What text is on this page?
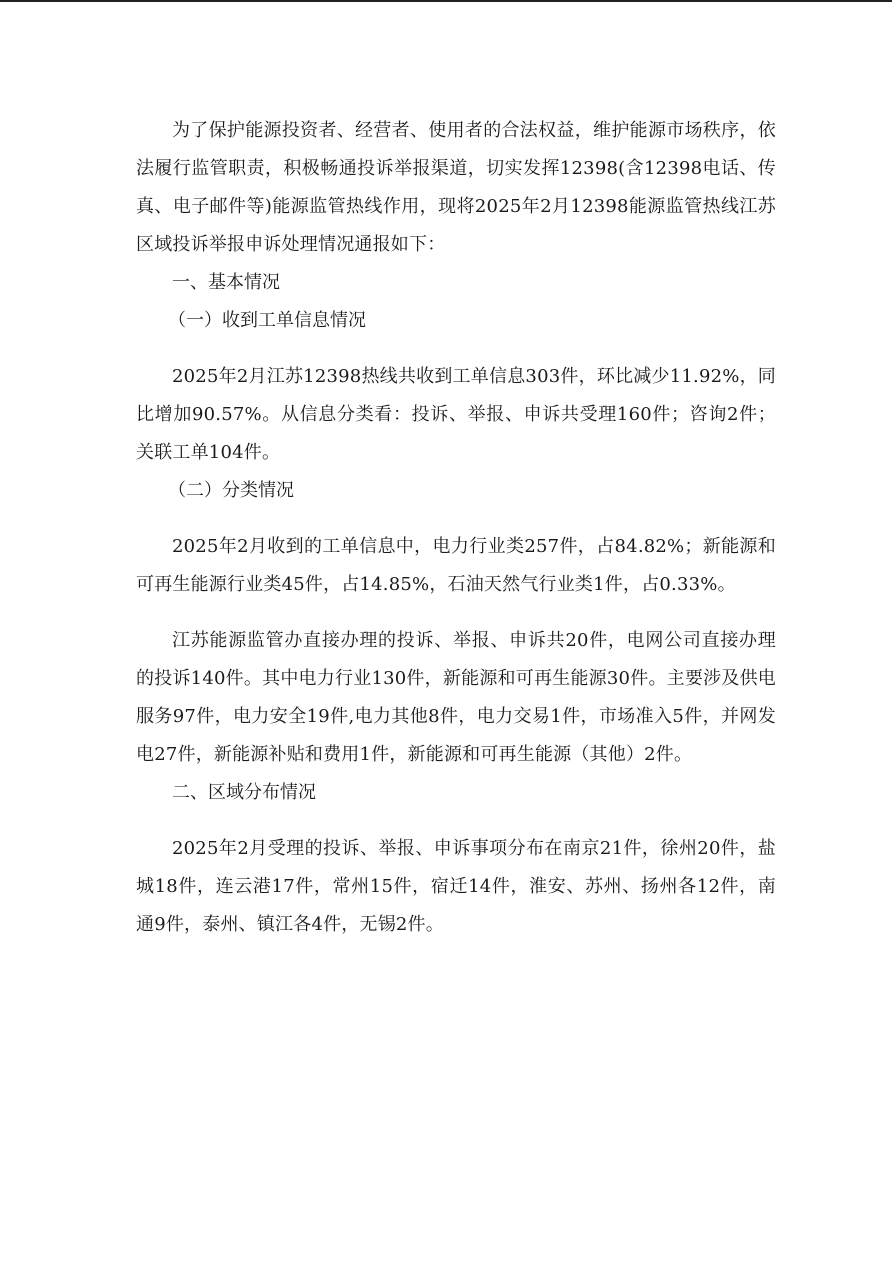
为了保护能源投资者、经营者、使用者的合法权益，维护能源市场秩序，依法履行监管职责，积极畅通投诉举报渠道，切实发挥12398(含12398电话、传真、电子邮件等)能源监管热线作用，现将2025年2月12398能源监管热线江苏区域投诉举报申诉处理情况通报如下：

一、基本情况

（一）收到工单信息情况

2025年2月江苏12398热线共收到工单信息303件，环比减少11.92%，同比增加90.57%。从信息分类看：投诉、举报、申诉共受理160件；咨询2件；关联工单104件。

（二）分类情况

2025年2月收到的工单信息中，电力行业类257件，占84.82%；新能源和可再生能源行业类45件，占14.85%，石油天然气行业类1件，占0.33%。

江苏能源监管办直接办理的投诉、举报、申诉共20件，电网公司直接办理的投诉140件。其中电力行业130件，新能源和可再生能源30件。主要涉及供电服务97件，电力安全19件,电力其他8件，电力交易1件，市场准入5件，并网发电27件，新能源补贴和费用1件，新能源和可再生能源（其他）2件。

二、区域分布情况

2025年2月受理的投诉、举报、申诉事项分布在南京21件，徐州20件，盐城18件，连云港17件，常州15件，宿迁14件，淮安、苏州、扬州各12件，南通9件，泰州、镇江各4件，无锡2件。
